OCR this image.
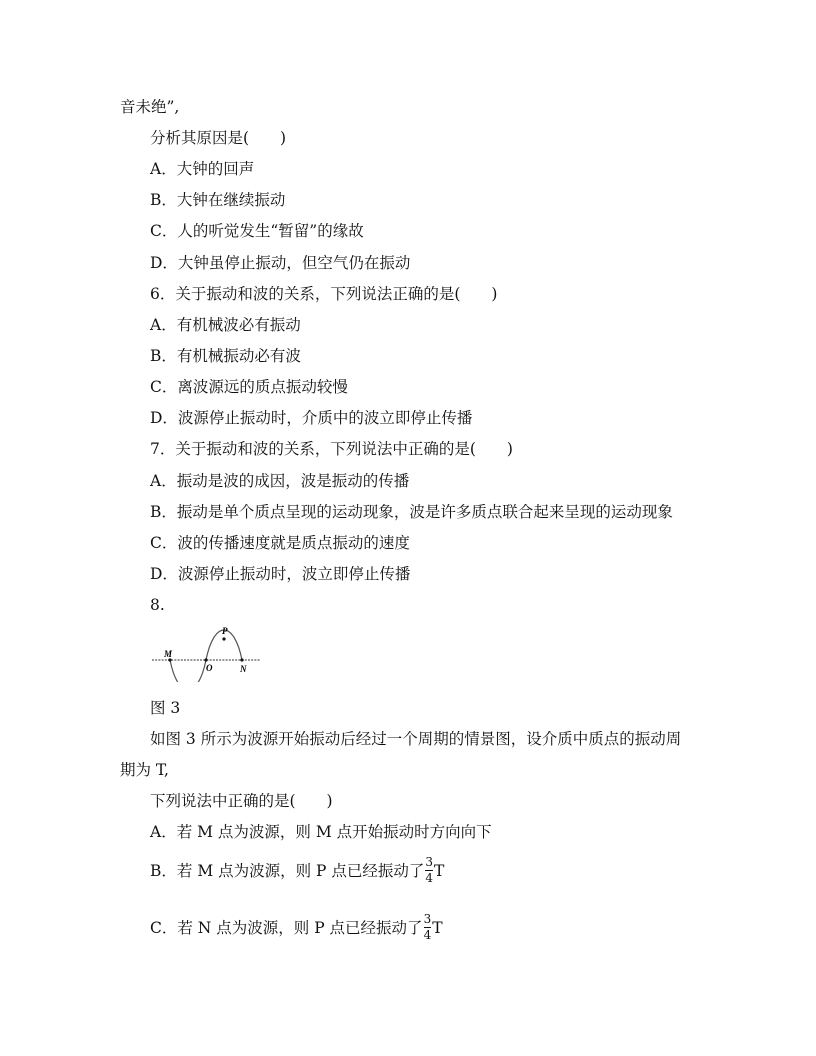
音未绝”,
分析其原因是(　　)
A．大钟的回声
B．大钟在继续振动
C．人的听觉发生“暂留”的缘故
D．大钟虽停止振动，但空气仍在振动
6．关于振动和波的关系，下列说法正确的是(　　)
A．有机械波必有振动
B．有机械振动必有波
C．离波源远的质点振动较慢
D．波源停止振动时，介质中的波立即停止传播
7．关于振动和波的关系，下列说法中正确的是(　　)
A．振动是波的成因，波是振动的传播
B．振动是单个质点呈现的运动现象，波是许多质点联合起来呈现的运动现象
C．波的传播速度就是质点振动的速度
D．波源停止振动时，波立即停止传播
8.
M
P
O	N
图 3
如图 3 所示为波源开始振动后经过一个周期的情景图，设介质中质点的振动周
期为 T,
下列说法中正确的是(　　)
A．若 M 点为波源，则 M 点开始振动时方向向下
B．若 M 点为波源，则 P 点已经振动了 $\frac{3}{4}$ T
C．若 N 点为波源，则 P 点已经振动了 $\frac{3}{4}$ T
